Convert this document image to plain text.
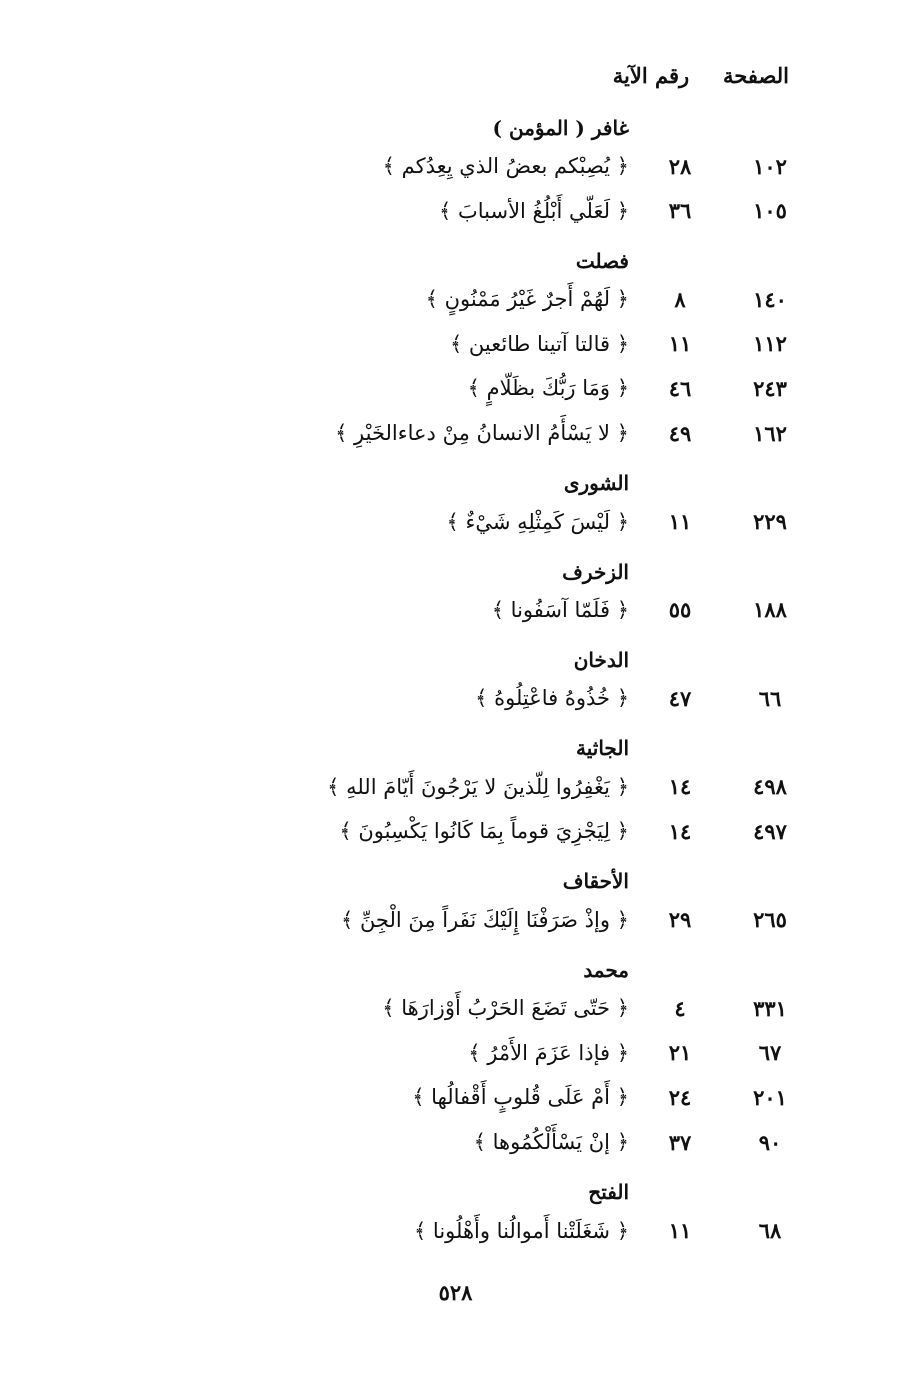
الصفحة
رقم الآية
غافر ( المؤمن )
١٠٢
٢٨
﴿ يُصِبْكم بعضُ الذي يِعِدُكم ﴾
١٠٥
٣٦
﴿ لَعَلّي أَبْلُغُ الأسبابَ ﴾
فصلت
١٤٠
٨
﴿ لَهُمْ أَجرٌ غَيْرُ مَمْنُونٍ ﴾
١١٢
١١
﴿ قالتا آتينا طائعين ﴾
٢٤٣
٤٦
﴿ وَمَا رَبُّكَ بظَلّامٍ ﴾
١٦٢
٤٩
﴿ لا يَسْأَمُ الانسانُ مِنْ دعاءالخَيْرِ ﴾
الشورى
٢٢٩
١١
﴿ لَيْسَ كَمِثْلِهِ شَيْءٌ ﴾
الزخرف
١٨٨
٥٥
﴿ فَلَمّا آسَفُونا ﴾
الدخان
٦٦
٤٧
﴿ خُذُوهُ فاعْتِلُوهُ ﴾
الجاثية
٤٩٨
١٤
﴿ يَغْفِرُوا لِلّذينَ لا يَرْجُونَ أَيّامَ اللهِ ﴾
٤٩٧
١٤
﴿ لِيَجْزِيَ قوماً بِمَا كَانُوا يَكْسِبُونَ ﴾
الأحقاف
٢٦٥
٢٩
﴿ وإذْ صَرَفْنَا إِلَيْكَ نَفَراً مِنَ الْجِنِّ ﴾
محمد
٣٣١
٤
﴿ حَتّى تَضَعَ الحَرْبُ أَوْزارَهَا ﴾
٦٧
٢١
﴿ فإذا عَزَمَ الأَمْرُ ﴾
٢٠١
٢٤
﴿ أَمْ عَلَى قُلوبٍ أَقْفالُها ﴾
٩٠
٣٧
﴿ إنْ يَسْأَلْكُمُوها ﴾
الفتح
٦٨
١١
﴿ شَغَلَتْنا أَموالُنا وأَهْلُونا ﴾
٥٢٨
